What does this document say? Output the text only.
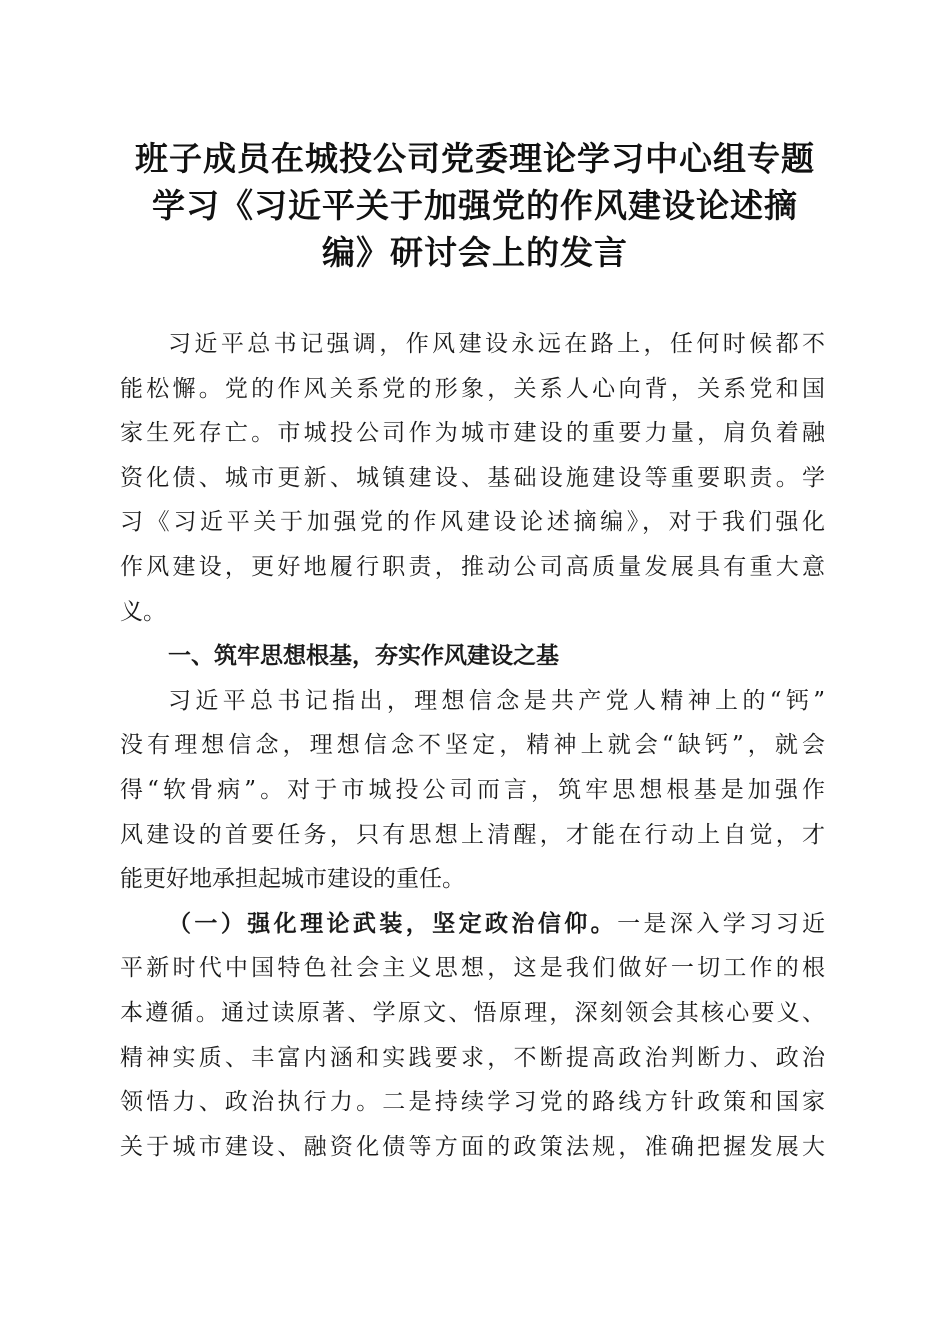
班子成员在城投公司党委理论学习中心组专题
学习《习近平关于加强党的作风建设论述摘
编》研讨会上的发言
习近平总书记强调，作风建设永远在路上，任何时候都不
能松懈。党的作风关系党的形象，关系人心向背，关系党和国
家生死存亡。市城投公司作为城市建设的重要力量，肩负着融
资化债、城市更新、城镇建设、基础设施建设等重要职责。学
习《习近平关于加强党的作风建设论述摘编》，对于我们强化
作风建设，更好地履行职责，推动公司高质量发展具有重大意
义。
一、筑牢思想根基，夯实作风建设之基
习近平总书记指出，理想信念是共产党人精神上的“钙”
没有理想信念，理想信念不坚定，精神上就会“缺钙”，就会
得“软骨病”。对于市城投公司而言，筑牢思想根基是加强作
风建设的首要任务，只有思想上清醒，才能在行动上自觉，才
能更好地承担起城市建设的重任。
（一）强化理论武装，坚定政治信仰。一是深入学习习近
平新时代中国特色社会主义思想，这是我们做好一切工作的根
本遵循。通过读原著、学原文、悟原理，深刻领会其核心要义、
精神实质、丰富内涵和实践要求，不断提高政治判断力、政治
领悟力、政治执行力。二是持续学习党的路线方针政策和国家
关于城市建设、融资化债等方面的政策法规，准确把握发展大
